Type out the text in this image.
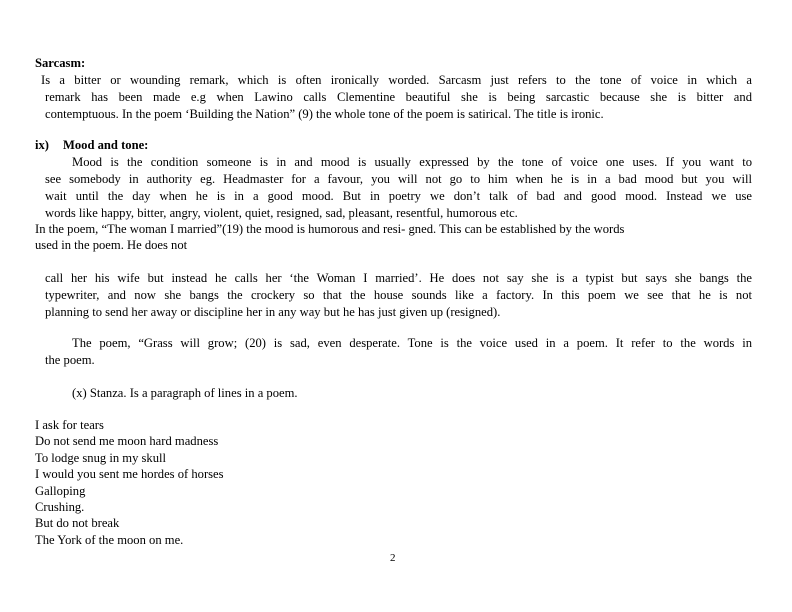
Sarcasm:
Is a bitter or wounding remark, which is often ironically worded. Sarcasm just refers to the tone of voice in which a
remark has been made e.g when Lawino calls Clementine beautiful she is being sarcastic because she is bitter and
contemptuous. In the poem ‘Building the Nation” (9) the whole tone of the poem is satirical. The title is ironic.
ix) Mood and tone:
Mood is the condition someone is in and mood is usually expressed by the tone of voice one uses. If you want to
see somebody in authority eg. Headmaster for a favour, you will not go to him when he is in a bad mood but you will
wait until the day when he is in a good mood. But in poetry we don’t talk of bad and good mood. Instead we use
words like happy, bitter, angry, violent, quiet, resigned, sad, pleasant, resentful, humorous etc.
In the poem, “The woman I married”(19) the mood is humorous and resi- gned. This can be established by the words
used in the poem. He does not
call her his wife but instead he calls her ‘the Woman I married’. He does not say she is a typist but says she bangs the
typewriter, and now she bangs the crockery so that the house sounds like a factory. In this poem we see that he is not
planning to send her away or discipline her in any way but he has just given up (resigned).
The poem, “Grass will grow; (20) is sad, even desperate. Tone is the voice used in a poem. It refer to the words in
the poem.
(x) Stanza. Is a paragraph of lines in a poem.
I ask for tears
Do not send me moon hard madness
To lodge snug in my skull
I would you sent me hordes of horses
Galloping
Crushing.
But do not break
The York of the moon on me.
2
